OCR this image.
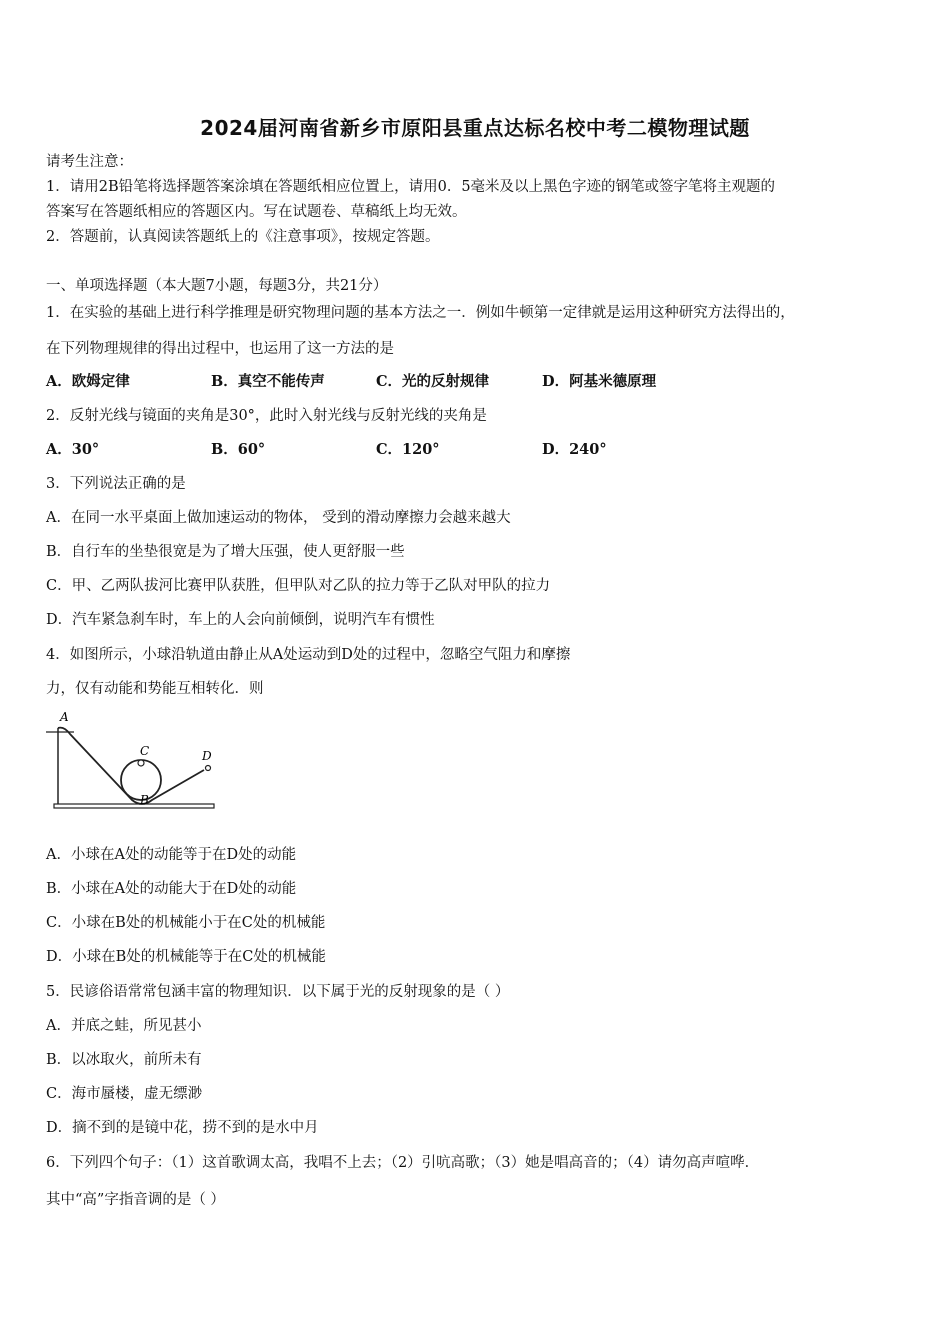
2024届河南省新乡市原阳县重点达标名校中考二模物理试题
请考生注意：
1．请用2B铅笔将选择题答案涂填在答题纸相应位置上，请用0．5毫米及以上黑色字迹的钢笔或签字笔将主观题的
答案写在答题纸相应的答题区内。写在试题卷、草稿纸上均无效。
2．答题前，认真阅读答题纸上的《注意事项》，按规定答题。
一、单项选择题（本大题7小题，每题3分，共21分）
1．在实验的基础上进行科学推理是研究物理问题的基本方法之一．例如牛顿第一定律就是运用这种研究方法得出的，
在下列物理规律的得出过程中，也运用了这一方法的是
A．欧姆定律	B．真空不能传声	C．光的反射规律	D．阿基米德原理
2．反射光线与镜面的夹角是30°，此时入射光线与反射光线的夹角是
A．30°	B．60°	C．120°	D．240°
3．下列说法正确的是
A．在同一水平桌面上做加速运动的物体， 受到的滑动摩擦力会越来越大
B．自行车的坐垫很宽是为了增大压强，使人更舒服一些
C．甲、乙两队拔河比赛甲队获胜，但甲队对乙队的拉力等于乙队对甲队的拉力
D．汽车紧急刹车时，车上的人会向前倾倒，说明汽车有惯性
4．如图所示，小球沿轨道由静止从A处运动到D处的过程中，忽略空气阻力和摩擦
力，仅有动能和势能互相转化．则
A
B
C	D
A．小球在A处的动能等于在D处的动能
B．小球在A处的动能大于在D处的动能
C．小球在B处的机械能小于在C处的机械能
D．小球在B处的机械能等于在C处的机械能
5．民谚俗语常常包涵丰富的物理知识．以下属于光的反射现象的是（ ）
A．并底之蛙，所见甚小
B．以冰取火，前所未有
C．海市蜃楼，虚无缥渺
D．摘不到的是镜中花，捞不到的是水中月
6．下列四个句子：（1）这首歌调太高，我唱不上去；（2）引吭高歌；（3）她是唱高音的；（4）请勿高声喧哗．
其中“高”字指音调的是（ ）
